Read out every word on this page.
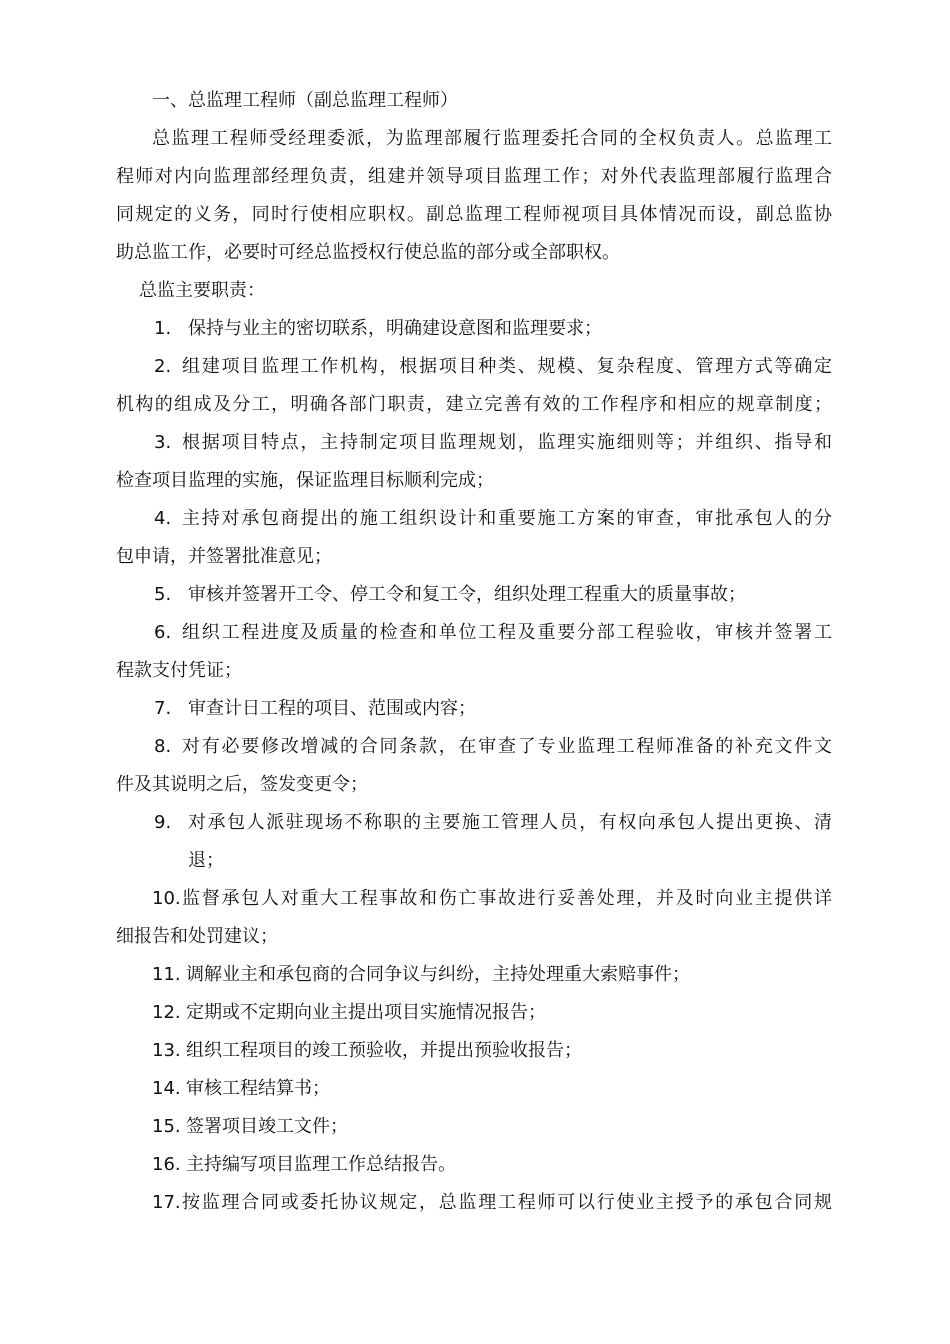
一、总监理工程师（副总监理工程师）
总监理工程师受经理委派，为监理部履行监理委托合同的全权负责人。总监理工
程师对内向监理部经理负责，组建并领导项目监理工作；对外代表监理部履行监理合
同规定的义务，同时行使相应职权。副总监理工程师视项目具体情况而设，副总监协
助总监工作，必要时可经总监授权行使总监的部分或全部职权。
总监主要职责：
1. 保持与业主的密切联系，明确建设意图和监理要求；
2. 组建项目监理工作机构，根据项目种类、规模、复杂程度、管理方式等确定
机构的组成及分工，明确各部门职责，建立完善有效的工作程序和相应的规章制度；
3. 根据项目特点，主持制定项目监理规划，监理实施细则等；并组织、指导和
检查项目监理的实施，保证监理目标顺利完成；
4. 主持对承包商提出的施工组织设计和重要施工方案的审查，审批承包人的分
包申请，并签署批准意见；
5. 审核并签署开工令、停工令和复工令，组织处理工程重大的质量事故；
6. 组织工程进度及质量的检查和单位工程及重要分部工程验收，审核并签署工
程款支付凭证；
7. 审查计日工程的项目、范围或内容；
8. 对有必要修改增减的合同条款，在审查了专业监理工程师准备的补充文件文
件及其说明之后，签发变更令；
9. 对承包人派驻现场不称职的主要施工管理人员，有权向承包人提出更换、清
退；
10. 监督承包人对重大工程事故和伤亡事故进行妥善处理，并及时向业主提供详
细报告和处罚建议；
11. 调解业主和承包商的合同争议与纠纷，主持处理重大索赔事件；
12. 定期或不定期向业主提出项目实施情况报告；
13. 组织工程项目的竣工预验收，并提出预验收报告；
14. 审核工程结算书；
15. 签署项目竣工文件；
16. 主持编写项目监理工作总结报告。
17. 按监理合同或委托协议规定，总监理工程师可以行使业主授予的承包合同规
